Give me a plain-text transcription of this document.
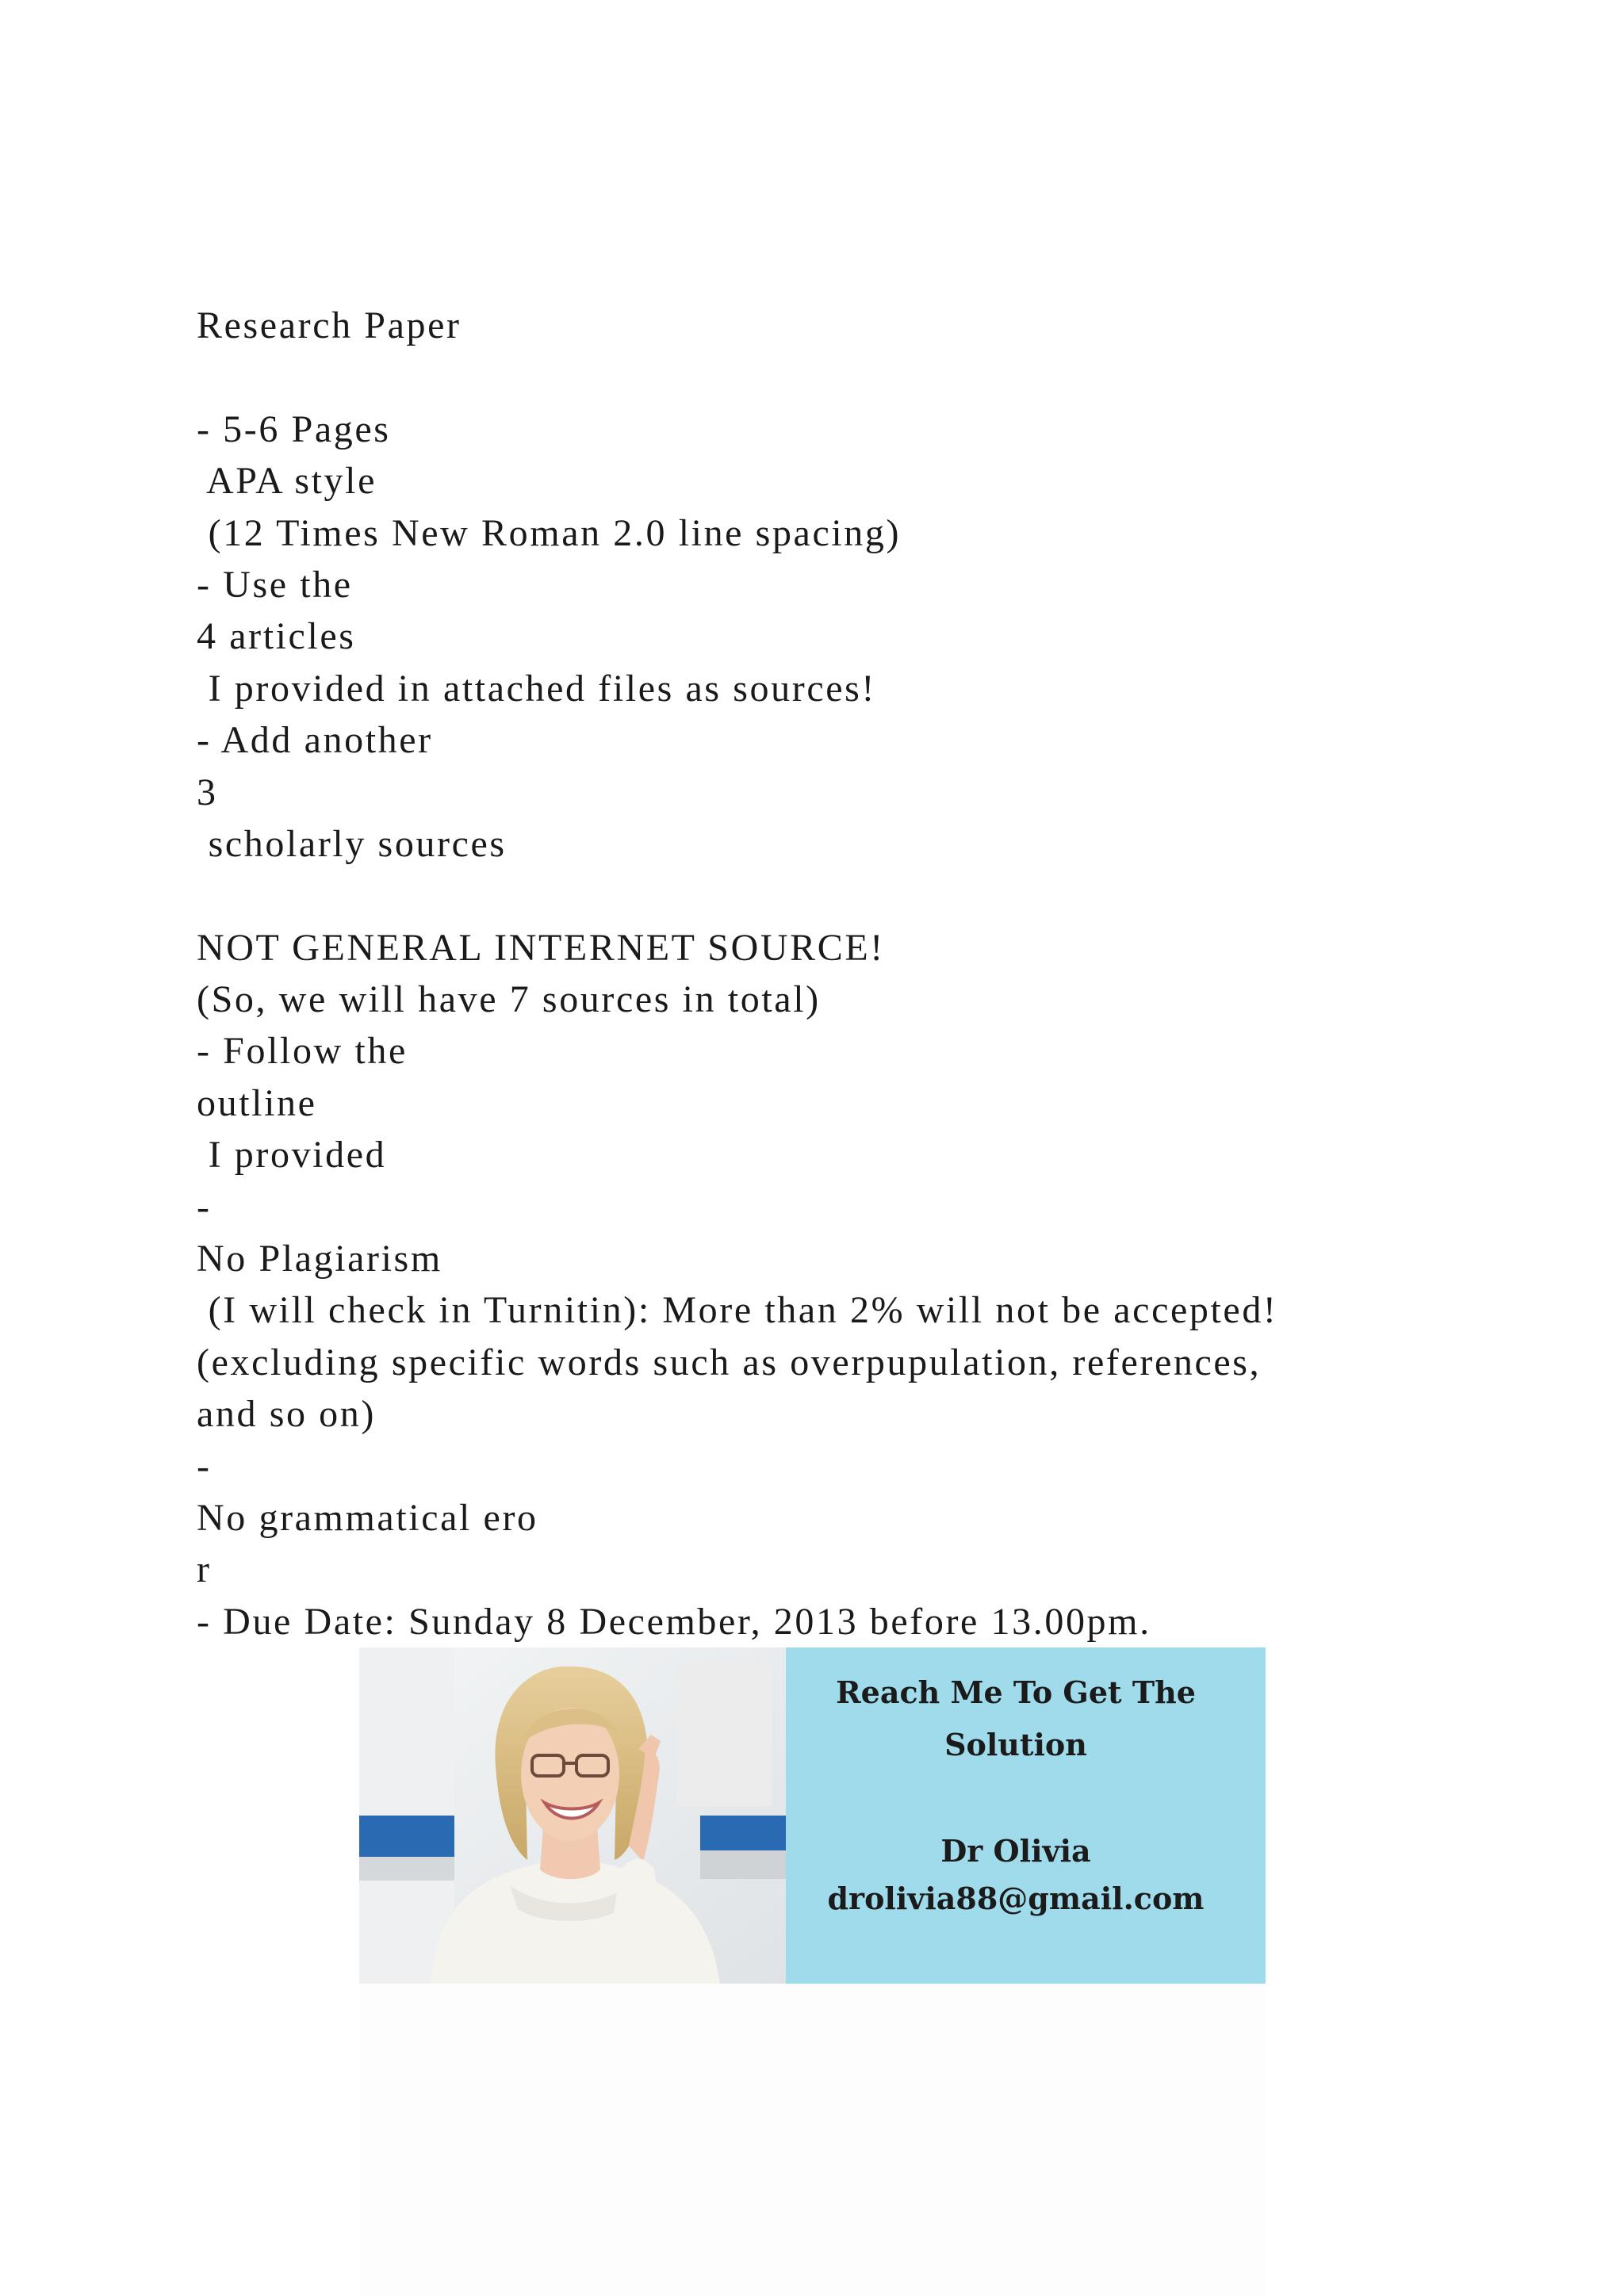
Research Paper
- 5-6 Pages
APA style
(12 Times New Roman 2.0 line spacing)
- Use the
4 articles
I provided in attached files as sources!
- Add another
3
scholarly sources
NOT GENERAL INTERNET SOURCE!
(So, we will have 7 sources in total)
- Follow the
outline
I provided
-
No Plagiarism
(I will check in Turnitin): More than 2% will not be accepted!
(excluding specific words such as overpupulation, references,
and so on)
-
No grammatical ero
r
- Due Date: Sunday 8 December, 2013 before 13.00pm.
Reach Me To Get The
Solution
Dr Olivia
drolivia88@gmail.com
